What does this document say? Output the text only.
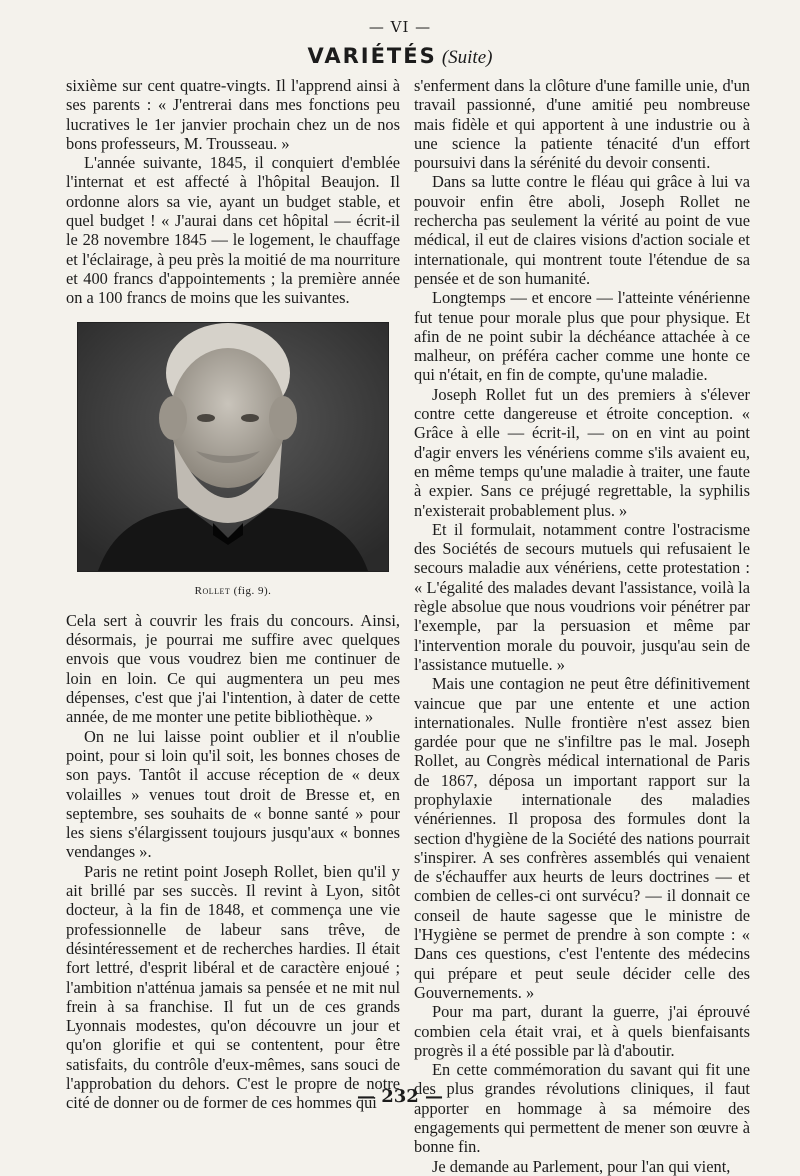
— VI —
VARIÉTÉS (Suite)

sixième sur cent quatre-vingts. Il l'apprend ainsi à ses parents : « J'entrerai dans mes fonctions peu lucratives le 1er janvier prochain chez un de nos bons professeurs, M. Trousseau. »

L'année suivante, 1845, il conquiert d'emblée l'internat et est affecté à l'hôpital Beaujon. Il ordonne alors sa vie, ayant un budget stable, et quel budget ! « J'aurai dans cet hôpital — écrit-il le 28 novembre 1845 — le logement, le chauffage et l'éclairage, à peu près la moitié de ma nourriture et 400 francs d'appointements ; la première année on a 100 francs de moins que les suivantes.

Rollet (fig. 9).

Cela sert à couvrir les frais du concours. Ainsi, désormais, je pourrai me suffire avec quelques envois que vous voudrez bien me continuer de loin en loin. Ce qui augmentera un peu mes dépenses, c'est que j'ai l'intention, à dater de cette année, de me monter une petite bibliothèque. »

On ne lui laisse point oublier et il n'oublie point, pour si loin qu'il soit, les bonnes choses de son pays. Tantôt il accuse réception de « deux volailles » venues tout droit de Bresse et, en septembre, ses souhaits de « bonne santé » pour les siens s'élargissent toujours jusqu'aux « bonnes vendanges ».

Paris ne retint point Joseph Rollet, bien qu'il y ait brillé par ses succès. Il revint à Lyon, sitôt docteur, à la fin de 1848, et commença une vie professionnelle de labeur sans trêve, de désintéressement et de recherches hardies. Il était fort lettré, d'esprit libéral et de caractère enjoué ; l'ambition n'atténua jamais sa pensée et ne mit nul frein à sa franchise. Il fut un de ces grands Lyonnais modestes, qu'on découvre un jour et qu'on glorifie et qui se contentent, pour être satisfaits, du contrôle d'eux-mêmes, sans souci de l'approbation du dehors. C'est le propre de notre cité de donner ou de former de ces hommes qui

s'enferment dans la clôture d'une famille unie, d'un travail passionné, d'une amitié peu nombreuse mais fidèle et qui apportent à une industrie ou à une science la patiente ténacité d'un effort poursuivi dans la sérénité du devoir consenti.

Dans sa lutte contre le fléau qui grâce à lui va pouvoir enfin être aboli, Joseph Rollet ne rechercha pas seulement la vérité au point de vue médical, il eut de claires visions d'action sociale et internationale, qui montrent toute l'étendue de sa pensée et de son humanité.

Longtemps — et encore — l'atteinte vénérienne fut tenue pour morale plus que pour physique. Et afin de ne point subir la déchéance attachée à ce malheur, on préféra cacher comme une honte ce qui n'était, en fin de compte, qu'une maladie.

Joseph Rollet fut un des premiers à s'élever contre cette dangereuse et étroite conception. « Grâce à elle — écrit-il, — on en vint au point d'agir envers les vénériens comme s'ils avaient eu, en même temps qu'une maladie à traiter, une faute à expier. Sans ce préjugé regrettable, la syphilis n'existerait probablement plus. »

Et il formulait, notamment contre l'ostracisme des Sociétés de secours mutuels qui refusaient le secours maladie aux vénériens, cette protestation : « L'égalité des malades devant l'assistance, voilà la règle absolue que nous voudrions voir pénétrer par l'exemple, par la persuasion et même par l'intervention morale du pouvoir, jusqu'au sein de l'assistance mutuelle. »

Mais une contagion ne peut être définitivement vaincue que par une entente et une action internationales. Nulle frontière n'est assez bien gardée pour que ne s'infiltre pas le mal. Joseph Rollet, au Congrès médical international de Paris de 1867, déposa un important rapport sur la prophylaxie internationale des maladies vénériennes. Il proposa des formules dont la section d'hygiène de la Société des nations pourrait s'inspirer. A ses confrères assemblés qui venaient de s'échauffer aux heurts de leurs doctrines — et combien de celles-ci ont survécu? — il donnait ce conseil de haute sagesse que le ministre de l'Hygiène se permet de prendre à son compte : « Dans ces questions, c'est l'entente des médecins qui prépare et peut seule décider celle des Gouvernements. »

Pour ma part, durant la guerre, j'ai éprouvé combien cela était vrai, et à quels bienfaisants progrès il a été possible par là d'aboutir.

En cette commémoration du savant qui fit une des plus grandes révolutions cliniques, il faut apporter en hommage à sa mémoire des engagements qui permettent de mener son œuvre à bonne fin.

Je demande au Parlement, pour l'an qui vient,

— 232 —
